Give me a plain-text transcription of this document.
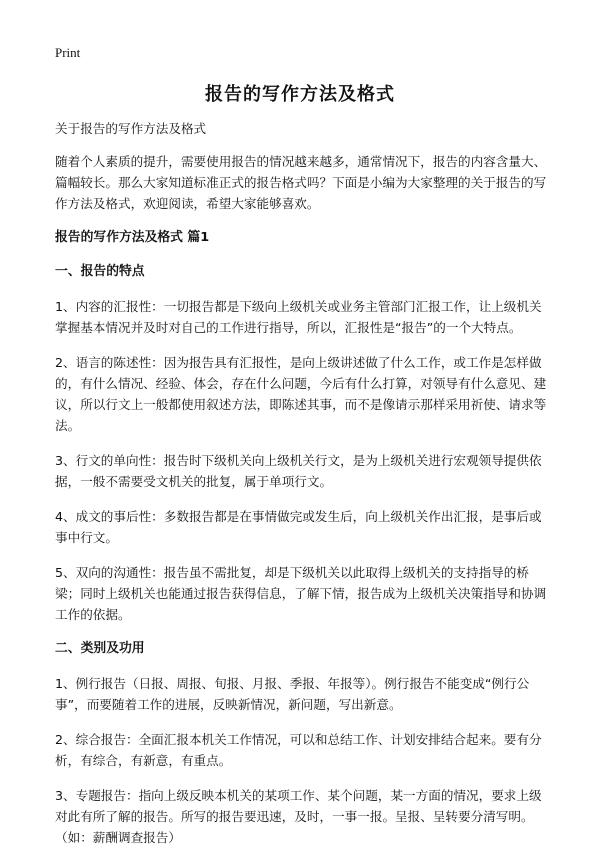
Print
报告的写作方法及格式

关于报告的写作方法及格式

随着个人素质的提升，需要使用报告的情况越来越多，通常情况下，报告的内容含量大、篇幅较长。那么大家知道标准正式的报告格式吗？下面是小编为大家整理的关于报告的写作方法及格式，欢迎阅读，希望大家能够喜欢。

报告的写作方法及格式 篇1
一、报告的特点

1、内容的汇报性：一切报告都是下级向上级机关或业务主管部门汇报工作，让上级机关掌握基本情况并及时对自己的工作进行指导，所以，汇报性是“报告”的一个大特点。

2、语言的陈述性：因为报告具有汇报性，是向上级讲述做了什么工作，或工作是怎样做的，有什么情况、经验、体会，存在什么问题，今后有什么打算，对领导有什么意见、建议，所以行文上一般都使用叙述方法，即陈述其事，而不是像请示那样采用祈使、请求等法。

3、行文的单向性：报告时下级机关向上级机关行文，是为上级机关进行宏观领导提供依据，一般不需要受文机关的批复，属于单项行文。

4、成文的事后性：多数报告都是在事情做完或发生后，向上级机关作出汇报，是事后或事中行文。

5、双向的沟通性：报告虽不需批复，却是下级机关以此取得上级机关的支持指导的桥梁；同时上级机关也能通过报告获得信息，了解下情，报告成为上级机关决策指导和协调工作的依据。

二、类别及功用

1、例行报告（日报、周报、旬报、月报、季报、年报等）。例行报告不能变成“例行公事”，而要随着工作的进展，反映新情况，新问题，写出新意。

2、综合报告：全面汇报本机关工作情况，可以和总结工作、计划安排结合起来。要有分析，有综合，有新意，有重点。

3、专题报告：指向上级反映本机关的某项工作、某个问题，某一方面的情况，要求上级对此有所了解的报告。所写的报告要迅速，及时，一事一报。呈报、呈转要分清写明。（如：薪酬调查报告）
